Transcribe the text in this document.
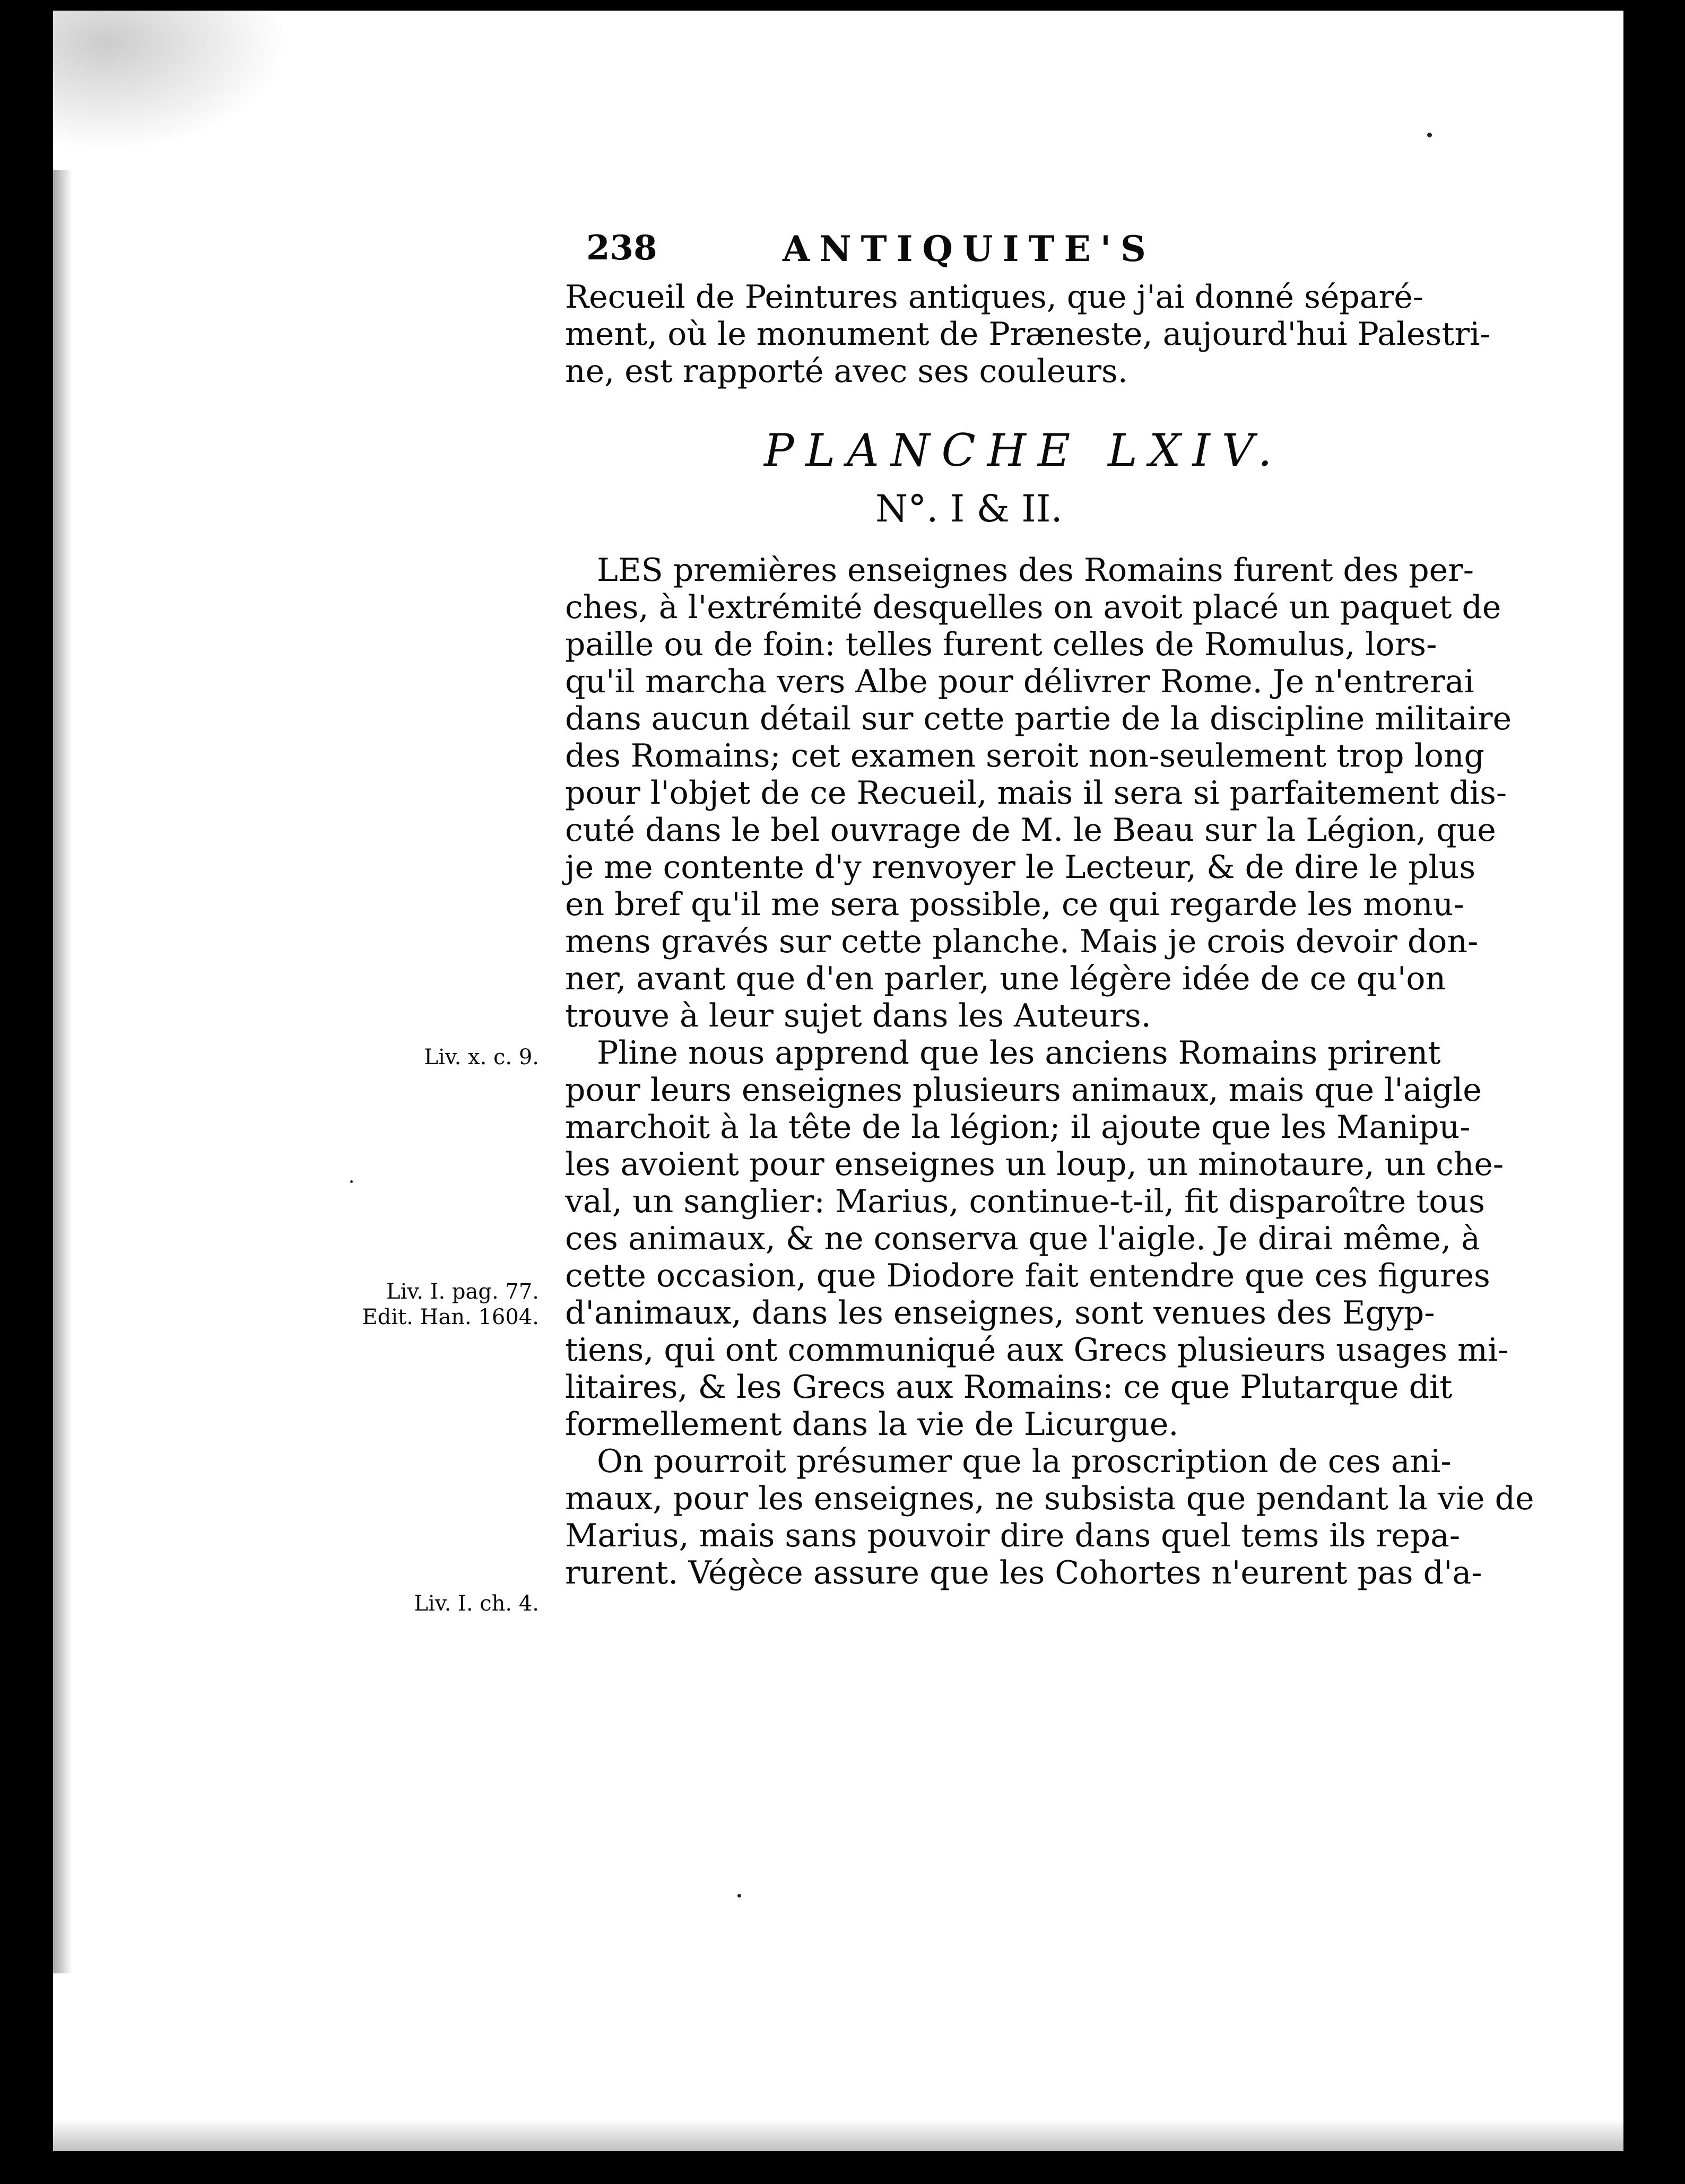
238	ANTIQUITE'S
Recueil de Peintures antiques, que j'ai donné séparé-
ment, où le monument de Præneste, aujourd'hui Palestri-
ne, est rapporté avec ses couleurs.
PLANCHE LXIV.
N°. I & II.
LES premières enseignes des Romains furent des per-
ches, à l'extrémité desquelles on avoit placé un paquet de
paille ou de foin: telles furent celles de Romulus, lors-
qu'il marcha vers Albe pour délivrer Rome. Je n'entrerai
dans aucun détail sur cette partie de la discipline militaire
des Romains; cet examen seroit non-seulement trop long
pour l'objet de ce Recueil, mais il sera si parfaitement dis-
cuté dans le bel ouvrage de M. le Beau sur la Légion, que
je me contente d'y renvoyer le Lecteur, & de dire le plus
en bref qu'il me sera possible, ce qui regarde les monu-
mens gravés sur cette planche. Mais je crois devoir don-
ner, avant que d'en parler, une légère idée de ce qu'on
trouve à leur sujet dans les Auteurs.
Pline nous apprend que les anciens Romains prirent
pour leurs enseignes plusieurs animaux, mais que l'aigle
marchoit à la tête de la légion; il ajoute que les Manipu-
les avoient pour enseignes un loup, un minotaure, un che-
val, un sanglier: Marius, continue-t-il, fit disparoître tous
ces animaux, & ne conserva que l'aigle. Je dirai même, à
cette occasion, que Diodore fait entendre que ces figures
d'animaux, dans les enseignes, sont venues des Egyp-
tiens, qui ont communiqué aux Grecs plusieurs usages mi-
litaires, & les Grecs aux Romains: ce que Plutarque dit
formellement dans la vie de Licurgue.
On pourroit présumer que la proscription de ces ani-
maux, pour les enseignes, ne subsista que pendant la vie de
Marius, mais sans pouvoir dire dans quel tems ils repa-
rurent. Végèce assure que les Cohortes n'eurent pas d'a-
Liv. x. c. 9.
Liv. I. pag. 77.
Edit. Han. 1604.
Liv. I. ch. 4.
